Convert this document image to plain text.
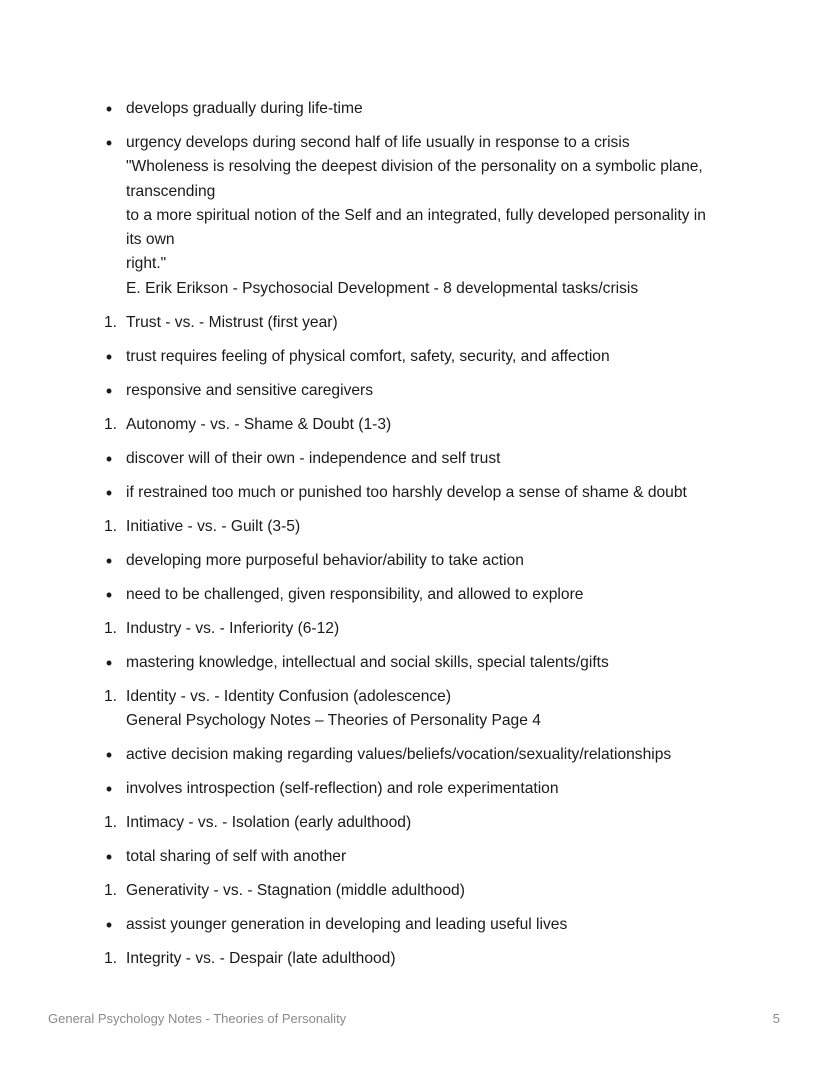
• develops gradually during life-time
• urgency develops during second half of life usually in response to a crisis
"Wholeness is resolving the deepest division of the personality on a symbolic plane,
transcending
to a more spiritual notion of the Self and an integrated, fully developed personality in
its own
right."
E. Erik Erikson - Psychosocial Development - 8 developmental tasks/crisis
1. Trust - vs. - Mistrust (first year)
• trust requires feeling of physical comfort, safety, security, and affection
• responsive and sensitive caregivers
1. Autonomy - vs. - Shame & Doubt (1-3)
• discover will of their own - independence and self trust
• if restrained too much or punished too harshly develop a sense of shame & doubt
1. Initiative - vs. - Guilt (3-5)
• developing more purposeful behavior/ability to take action
• need to be challenged, given responsibility, and allowed to explore
1. Industry - vs. - Inferiority (6-12)
• mastering knowledge, intellectual and social skills, special talents/gifts
1. Identity - vs. - Identity Confusion (adolescence)
General Psychology Notes – Theories of Personality Page 4
• active decision making regarding values/beliefs/vocation/sexuality/relationships
• involves introspection (self-reflection) and role experimentation
1. Intimacy - vs. - Isolation (early adulthood)
• total sharing of self with another
1. Generativity - vs. - Stagnation (middle adulthood)
• assist younger generation in developing and leading useful lives
1. Integrity - vs. - Despair (late adulthood)
General Psychology Notes - Theories of Personality	5
